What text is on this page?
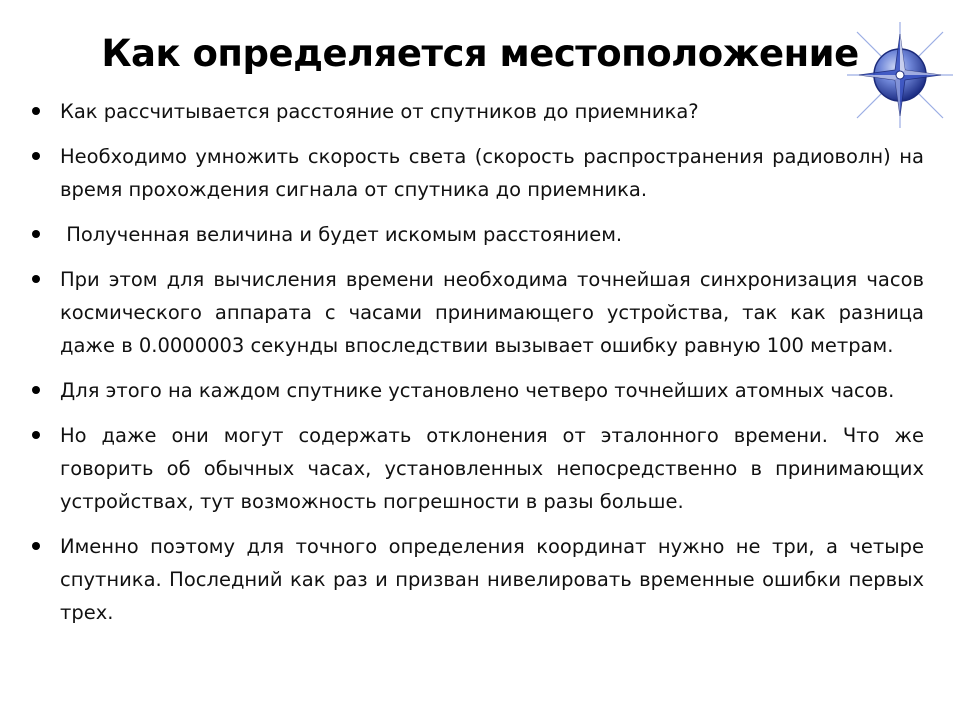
Как определяется местоположение
Как рассчитывается расстояние от спутников до приемника?
Необходимо умножить скорость света (скорость распространения радиоволн) на время прохождения сигнала от спутника до приемника.
Полученная величина и будет искомым расстоянием.
При этом для вычисления времени необходима точнейшая синхронизация часов космического аппарата с часами принимающего устройства, так как разница даже в 0.0000003 секунды впоследствии вызывает ошибку равную 100 метрам.
Для этого на каждом спутнике установлено четверо точнейших атомных часов.
Но даже они могут содержать отклонения от эталонного времени. Что же говорить об обычных часах, установленных непосредственно в принимающих устройствах, тут возможность погрешности в разы больше.
Именно поэтому для точного определения координат нужно не три, а четыре спутника. Последний как раз и призван нивелировать временные ошибки первых трех.
